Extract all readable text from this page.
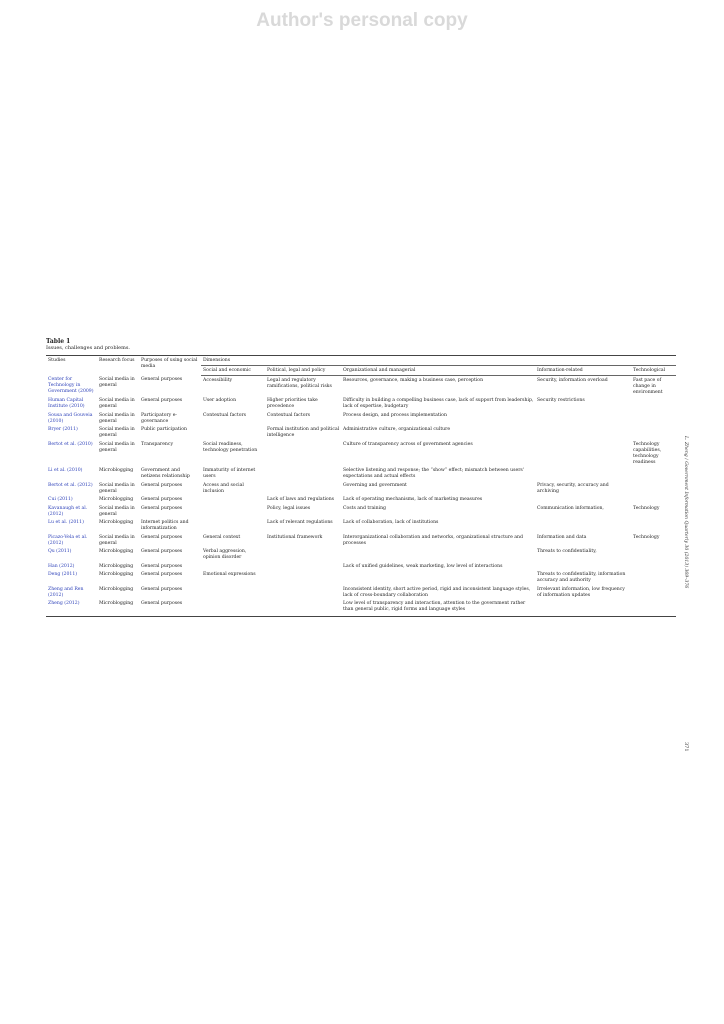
Author's personal copy
Table 1
Issues, challenges and problems.
Studies	Research focus	Purposes of using social media	Dimensions				
			Social and economic	Political, legal and policy	Organizational and managerial	Information-related	Technological
Center for Technology in Government (2009)	Social media in general	General purposes	Accessibility	Legal and regulatory ramifications, political risks	Resources, governance, making a business case, perception	Security, information overload	Fast pace of change in environment
Human Capital Institute (2010)	Social media in general	General purposes	User adoption	Higher priorities take precedence	Difficulty in building a compelling business case, lack of support from leadership, lack of expertise, budgetary	Security restrictions	
Sousa and Gouveia (2010)	Social media in general	Participatory e-governance	Contextual factors	Contextual factors	Process design, and process implementation		
Bryer (2011)	Social media in general	Public participation		Formal institution and political intelligence	Administrative culture, organizational culture		
Bertot et al. (2010)	Social media in general	Transparency	Social readiness, technology penetration		Culture of transparency across of government agencies		Technology capabilities, technology readiness
Li et al. (2010)	Microblogging	Government and netizens relationship	Immaturity of internet users		Selective listening and response; the “show” effect; mismatch between users' expectations and actual effects		
Bertot et al. (2012)	Social media in general	General purposes	Access and social inclusion		Governing and government	Privacy, security, accuracy and archiving	
Cui (2011)	Microblogging	General purposes		Lack of laws and regulations	Lack of operating mechanisms, lack of marketing measures		
Kavanaugh et al. (2012)	Social media in general	General purposes		Policy, legal issues	Costs and training	Communication information,	Technology
Lu et al. (2011)	Microblogging	Internet politics and informatization		Lack of relevant regulations	Lack of collaboration, lack of institutions		
Picazo-Vela et al. (2012)	Social media in general	General purposes	General context	Institutional framework	Interorganizational collaboration and networks, organizational structure and processes	Information and data	Technology
Qu (2011)	Microblogging	General purposes	Verbal aggression, opinion disorder			Threats to confidentiality,	
Han (2012)	Microblogging	General purposes			Lack of unified guidelines, weak marketing, low level of interactions		
Deng (2011)	Microblogging	General purposes	Emotional expressions			Threats to confidentiality, information accuracy and authority	
Zheng and Ren (2012)	Microblogging	General purposes			Inconsistent identity, short active period, rigid and inconsistent language styles, lack of cross-boundary collaboration	Irrelevant information, low frequency of information updates	
Zheng (2012)	Microblogging	General purposes			Low level of transparency and interaction, attention to the government rather than general public, rigid forms and language styles		
L. Zheng / Government Information Quarterly 30 (2013) 369–376
371
